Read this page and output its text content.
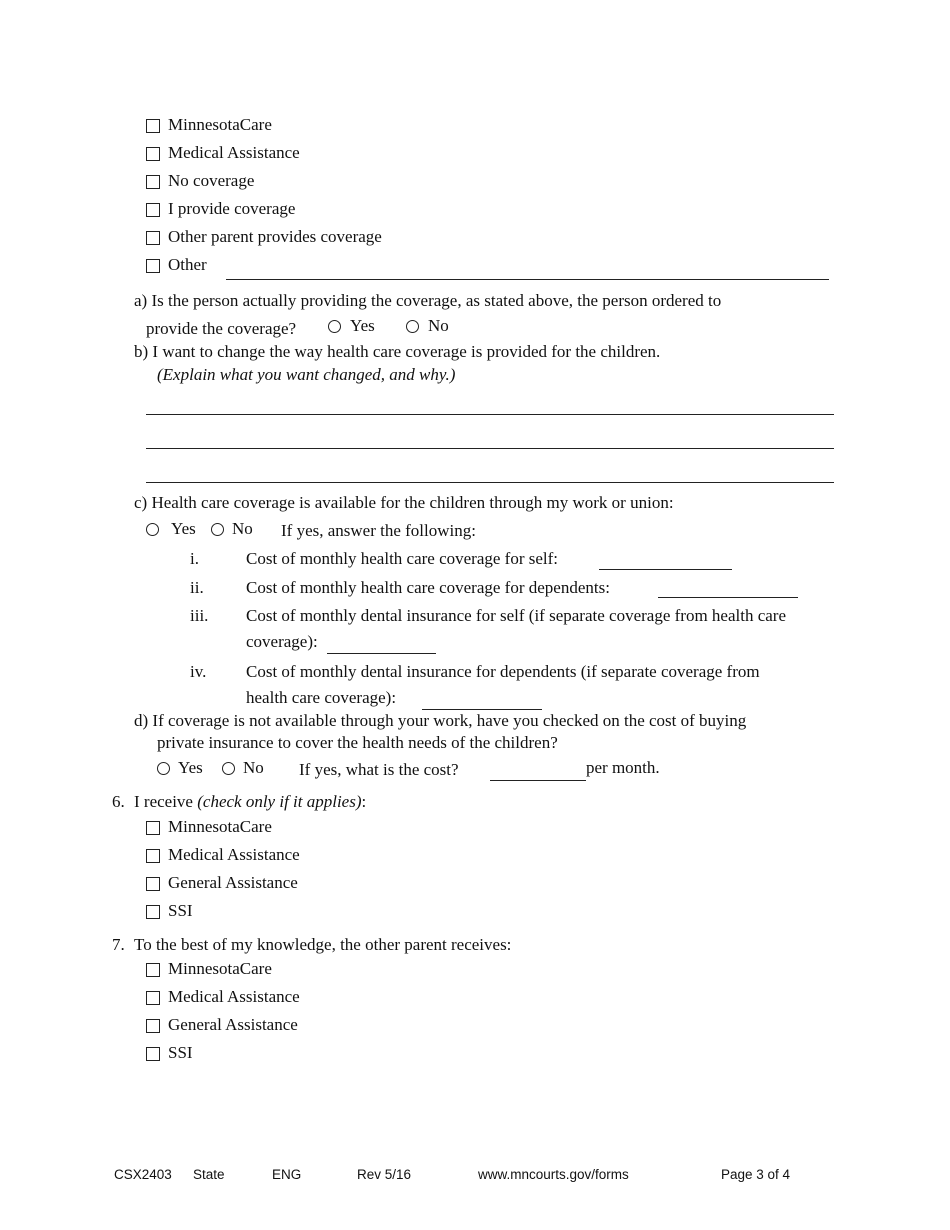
MinnesotaCare
Medical Assistance
No coverage
I provide coverage
Other parent provides coverage
Other
a) Is the person actually providing the coverage, as stated above, the person ordered to
provide the coverage?	Yes	No
b) I want to change the way health care coverage is provided for the children.
(Explain what you want changed, and why.)
c) Health care coverage is available for the children through my work or union:
Yes No If yes, answer the following:
i.	Cost of monthly health care coverage for self:
ii. Cost of monthly health care coverage for dependents:
iii. Cost of monthly dental insurance for self (if separate coverage from health care
coverage):
iv. Cost of monthly dental insurance for dependents (if separate coverage from
health care coverage):
d) If coverage is not available through your work, have you checked on the cost of buying
private insurance to cover the health needs of the children?
Yes No If yes, what is the cost?	per month.
6. I receive (check only if it applies):
MinnesotaCare
Medical Assistance
General Assistance
SSI
7. To the best of my knowledge, the other parent receives:
MinnesotaCare
Medical Assistance
General Assistance
SSI
CSX2403 State	ENG	Rev 5/16	www.mncourts.gov/forms	Page 3 of 4
